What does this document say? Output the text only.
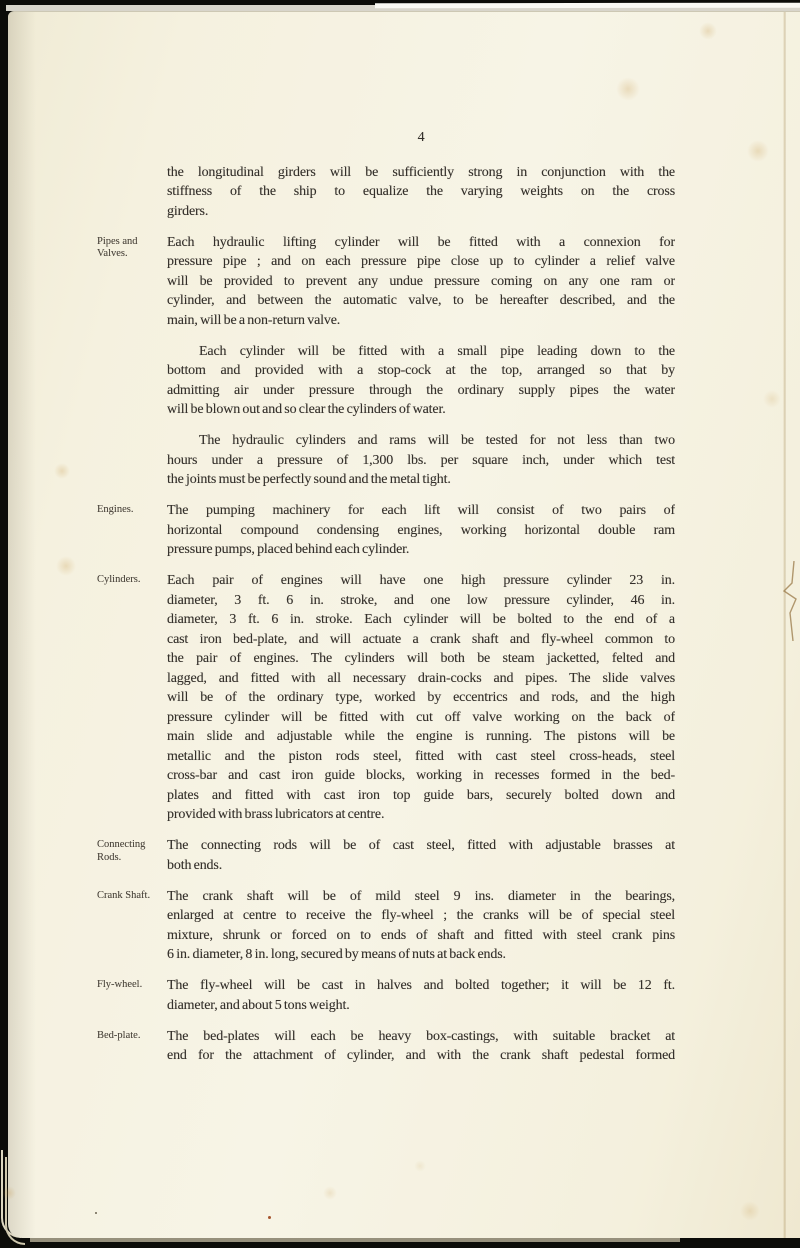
4
the longitudinal girders will be sufficiently strong in conjunction with the
stiffness of the ship to equalize the varying weights on the cross
girders.
Pipes and Valves.
Each hydraulic lifting cylinder will be fitted with a connexion for
pressure pipe ; and on each pressure pipe close up to cylinder a relief valve
will be provided to prevent any undue pressure coming on any one ram or
cylinder, and between the automatic valve, to be hereafter described, and the
main, will be a non-return valve.
Each cylinder will be fitted with a small pipe leading down to the
bottom and provided with a stop-cock at the top, arranged so that by
admitting air under pressure through the ordinary supply pipes the water
will be blown out and so clear the cylinders of water.
The hydraulic cylinders and rams will be tested for not less than two
hours under a pressure of 1,300 lbs. per square inch, under which test
the joints must be perfectly sound and the metal tight.
Engines.	The pumping machinery for each lift will consist of two pairs of
horizontal compound condensing engines, working horizontal double ram
pressure pumps, placed behind each cylinder.
Cylinders.	Each pair of engines will have one high pressure cylinder 23 in.
diameter, 3 ft. 6 in. stroke, and one low pressure cylinder, 46 in.
diameter, 3 ft. 6 in. stroke. Each cylinder will be bolted to the end of a
cast iron bed-plate, and will actuate a crank shaft and fly-wheel common to
the pair of engines. The cylinders will both be steam jacketted, felted and
lagged, and fitted with all necessary drain-cocks and pipes. The slide valves
will be of the ordinary type, worked by eccentrics and rods, and the high
pressure cylinder will be fitted with cut off valve working on the back of
main slide and adjustable while the engine is running. The pistons will be
metallic and the piston rods steel, fitted with cast steel cross-heads, steel
cross-bar and cast iron guide blocks, working in recesses formed in the bed-
plates and fitted with cast iron top guide bars, securely bolted down and
provided with brass lubricators at centre.
Connecting Rods.
The connecting rods will be of cast steel, fitted with adjustable brasses at
both ends.
Crank Shaft.	The crank shaft will be of mild steel 9 ins. diameter in the bearings,
enlarged at centre to receive the fly-wheel ; the cranks will be of special steel
mixture, shrunk or forced on to ends of shaft and fitted with steel crank pins
6 in. diameter, 8 in. long, secured by means of nuts at back ends.
Fly-wheel.	The fly-wheel will be cast in halves and bolted together; it will be 12 ft.
diameter, and about 5 tons weight.
Bed-plate.	The bed-plates will each be heavy box-castings, with suitable bracket at
end for the attachment of cylinder, and with the crank shaft pedestal formed
